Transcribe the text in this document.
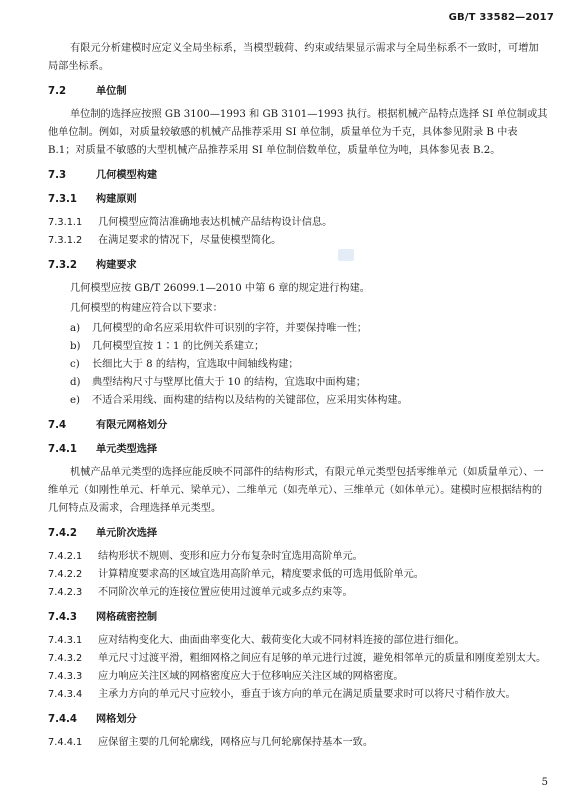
GB/T 33582—2017

有限元分析建模时应定义全局坐标系，当模型载荷、约束或结果显示需求与全局坐标系不一致时，可增加局部坐标系。

7.2	单位制

单位制的选择应按照 GB 3100—1993 和 GB 3101—1993 执行。根据机械产品特点选择 SI 单位制或其他单位制。例如，对质量较敏感的机械产品推荐采用 SI 单位制，质量单位为千克，具体参见附录 B 中表 B.1；对质量不敏感的大型机械产品推荐采用 SI 单位制倍数单位，质量单位为吨，具体参见表 B.2。

7.3	几何模型构建
7.3.1 构建原则
7.3.1.1	几何模型应简洁准确地表达机械产品结构设计信息。
7.3.1.2	在满足要求的情况下，尽量使模型简化。
7.3.2 构建要求

几何模型应按 GB/T 26099.1—2010 中第 6 章的规定进行构建。

几何模型的构建应符合以下要求：

a)	几何模型的命名应采用软件可识别的字符，并要保持唯一性；
b)	几何模型宜按 1∶1 的比例关系建立；
c)	长细比大于 8 的结构，宜选取中间轴线构建；
d)	典型结构尺寸与壁厚比值大于 10 的结构，宜选取中面构建；
e)	不适合采用线、面构建的结构以及结构的关键部位，应采用实体构建。
7.4	有限元网格划分
7.4.1 单元类型选择

机械产品单元类型的选择应能反映不同部件的结构形式，有限元单元类型包括零维单元（如质量单元）、一维单元（如刚性单元、杆单元、梁单元）、二维单元（如壳单元）、三维单元（如体单元）。建模时应根据结构的几何特点及需求，合理选择单元类型。

7.4.2 单元阶次选择
7.4.2.1	结构形状不规则、变形和应力分布复杂时宜选用高阶单元。
7.4.2.2	计算精度要求高的区域宜选用高阶单元，精度要求低的可选用低阶单元。
7.4.2.3	不同阶次单元的连接位置应使用过渡单元或多点约束等。
7.4.3 网格疏密控制
7.4.3.1	应对结构变化大、曲面曲率变化大、载荷变化大或不同材料连接的部位进行细化。
7.4.3.2	单元尺寸过渡平滑，粗细网格之间应有足够的单元进行过渡，避免相邻单元的质量和刚度差别太大。
7.4.3.3	应力响应关注区域的网格密度应大于位移响应关注区域的网格密度。
7.4.3.4	主承力方向的单元尺寸应较小，垂直于该方向的单元在满足质量要求时可以将尺寸稍作放大。
7.4.4 网格划分
7.4.4.1	应保留主要的几何轮廓线，网格应与几何轮廓保持基本一致。
5
